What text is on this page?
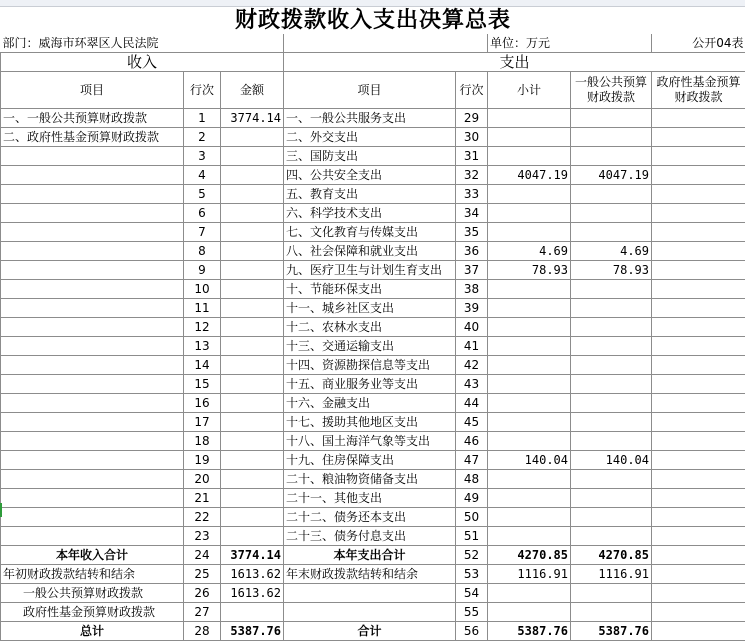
财政拨款收入支出决算总表							
部门：威海市环翠区人民法院					单位：万元		公开04表
收入			支出				
项目	行次	金额	项目	行次	小计	一般公共预算财政拨款	政府性基金预算财政拨款
一、一般公共预算财政拨款	1	3774.14	一、一般公共服务支出	29			
二、政府性基金预算财政拨款	2		二、外交支出	30			
	3		三、国防支出	31			
	4		四、公共安全支出	32	4047.19	4047.19	
	5		五、教育支出	33			
	6		六、科学技术支出	34			
	7		七、文化教育与传媒支出	35			
	8		八、社会保障和就业支出	36	4.69	4.69	
	9		九、医疗卫生与计划生育支出	37	78.93	78.93	
	10		十、节能环保支出	38			
	11		十一、城乡社区支出	39			
	12		十二、农林水支出	40			
	13		十三、交通运输支出	41			
	14		十四、资源勘探信息等支出	42			
	15		十五、商业服务业等支出	43			
	16		十六、金融支出	44			
	17		十七、援助其他地区支出	45			
	18		十八、国土海洋气象等支出	46			
	19		十九、住房保障支出	47	140.04	140.04	
	20		二十、粮油物资储备支出	48			
	21		二十一、其他支出	49			
	22		二十二、债务还本支出	50			
	23		二十三、债务付息支出	51			
本年收入合计	24	3774.14	本年支出合计	52	4270.85	4270.85	
年初财政拨款结转和结余	25	1613.62	年末财政拨款结转和结余	53	1116.91	1116.91	
一般公共预算财政拨款	26	1613.62		54			
政府性基金预算财政拨款	27			55			
总计	28	5387.76	合计	56	5387.76	5387.76	
